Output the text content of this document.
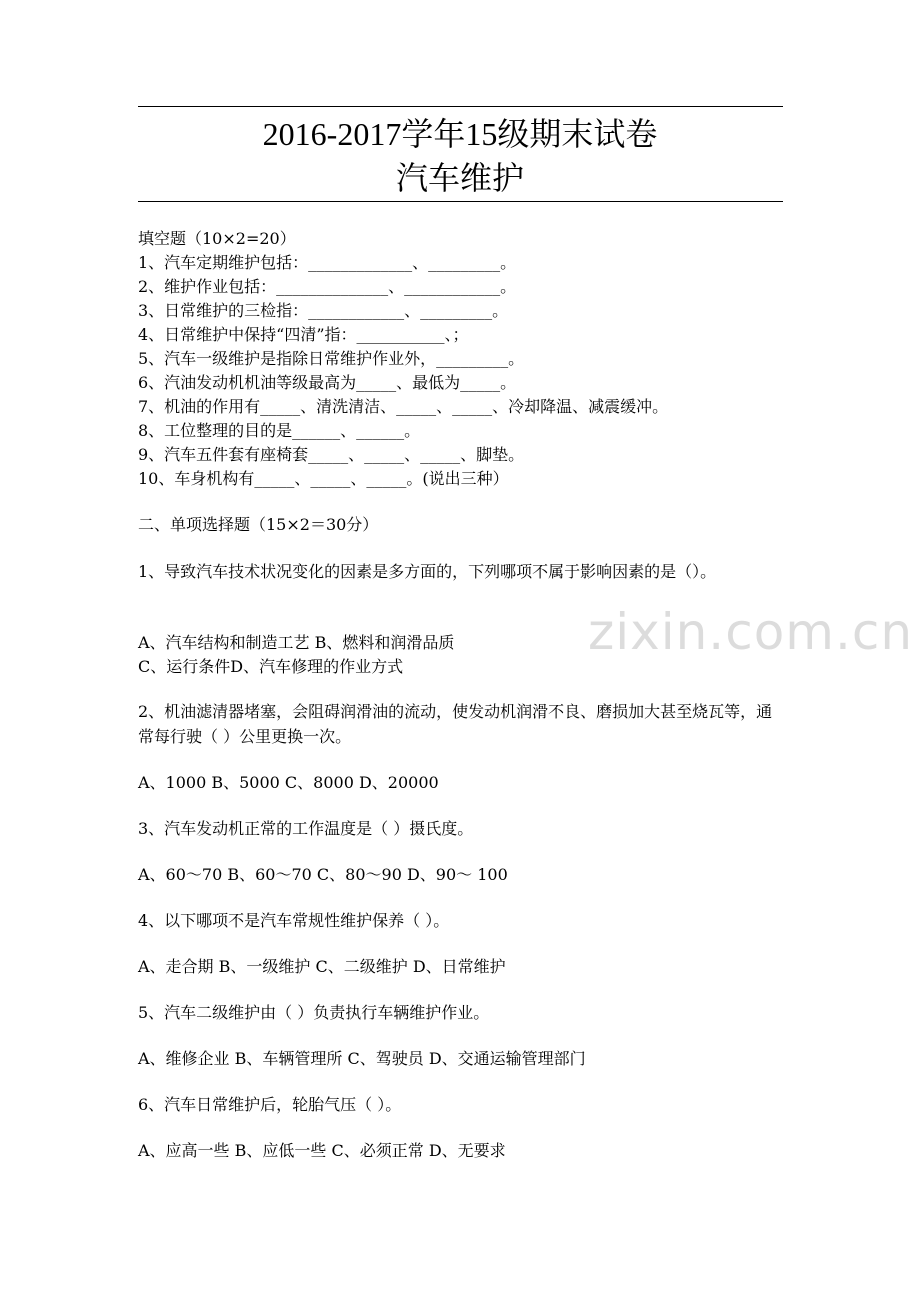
2016-2017学年15级期末试卷
汽车维护
填空题（10×2=20）
1、汽车定期维护包括：_____________、_________。
2、维护作业包括：______________、____________。
3、日常维护的三检指：____________、_________。
4、日常维护中保持“四清”指：___________、；
5、汽车一级维护是指除日常维护作业外，_________。
6、汽油发动机机油等级最高为_____、最低为_____。
7、机油的作用有_____、清洗清洁、_____、_____、冷却降温、减震缓冲。
8、工位整理的目的是______、______。
9、汽车五件套有座椅套_____、_____、_____、脚垫。
10、车身机构有_____、_____、_____。(说出三种）
二、单项选择题（15×2＝30分）
1、导致汽车技术状况变化的因素是多方面的，下列哪项不属于影响因素的是（）。
A、汽车结构和制造工艺 B、燃料和润滑品质
C、运行条件D、汽车修理的作业方式
2、机油滤清器堵塞，会阻碍润滑油的流动，使发动机润滑不良、磨损加大甚至烧瓦等，通常每行驶（ ）公里更换一次。
A、1000 B、5000 C、8000 D、20000
3、汽车发动机正常的工作温度是（ ）摄氏度。
A、60～70 B、60～70 C、80～90 D、90～ 100
4、以下哪项不是汽车常规性维护保养（ ）。
A、走合期 B、一级维护 C、二级维护 D、日常维护
5、汽车二级维护由（ ）负责执行车辆维护作业。
A、维修企业 B、车辆管理所 C、驾驶员 D、交通运输管理部门
6、汽车日常维护后，轮胎气压（ ）。
A、应高一些 B、应低一些 C、必须正常 D、无要求
zixin.com.cn
